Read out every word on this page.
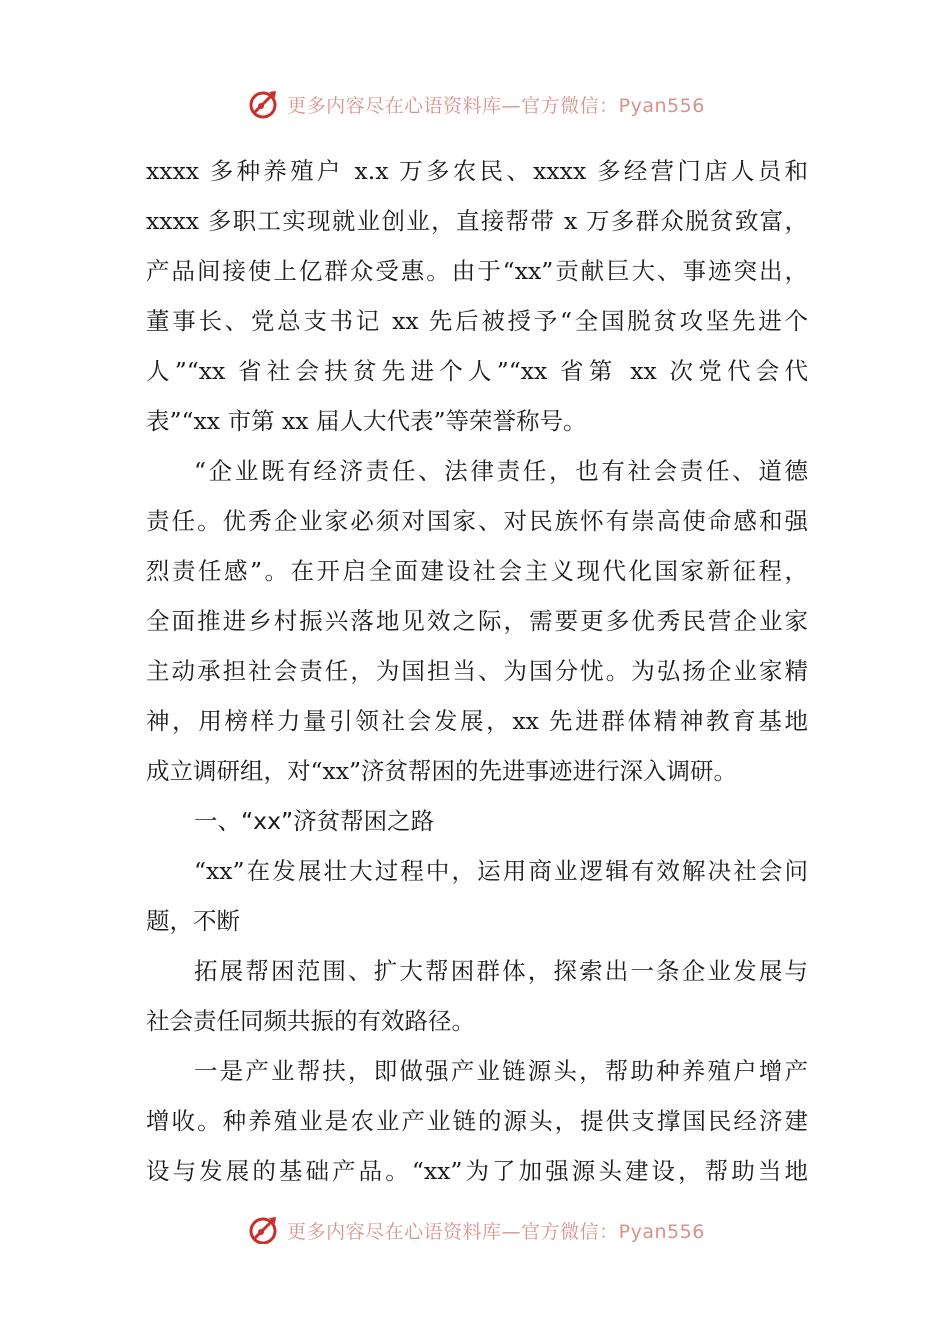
更多内容尽在心语资料库—官方微信：Pyan556
xxxx 多种养殖户 x.x 万多农民、xxxx 多经营门店人员和
xxxx 多职工实现就业创业，直接帮带 x 万多群众脱贫致富，
产品间接使上亿群众受惠。由于“xx”贡献巨大、事迹突出，
董事长、党总支书记 xx 先后被授予“全国脱贫攻坚先进个
人”“xx 省社会扶贫先进个人”“xx 省第 xx 次党代会代
表”“xx 市第 xx 届人大代表”等荣誉称号。
“企业既有经济责任、法律责任，也有社会责任、道德
责任。优秀企业家必须对国家、对民族怀有崇高使命感和强
烈责任感”。在开启全面建设社会主义现代化国家新征程，
全面推进乡村振兴落地见效之际，需要更多优秀民营企业家
主动承担社会责任，为国担当、为国分忧。为弘扬企业家精
神，用榜样力量引领社会发展，xx 先进群体精神教育基地
成立调研组，对“xx”济贫帮困的先进事迹进行深入调研。
一、“xx”济贫帮困之路
“xx”在发展壮大过程中，运用商业逻辑有效解决社会问
题，不断
拓展帮困范围、扩大帮困群体，探索出一条企业发展与
社会责任同频共振的有效路径。
一是产业帮扶，即做强产业链源头，帮助种养殖户增产
增收。种养殖业是农业产业链的源头，提供支撑国民经济建
设与发展的基础产品。“xx”为了加强源头建设，帮助当地
更多内容尽在心语资料库—官方微信：Pyan556
